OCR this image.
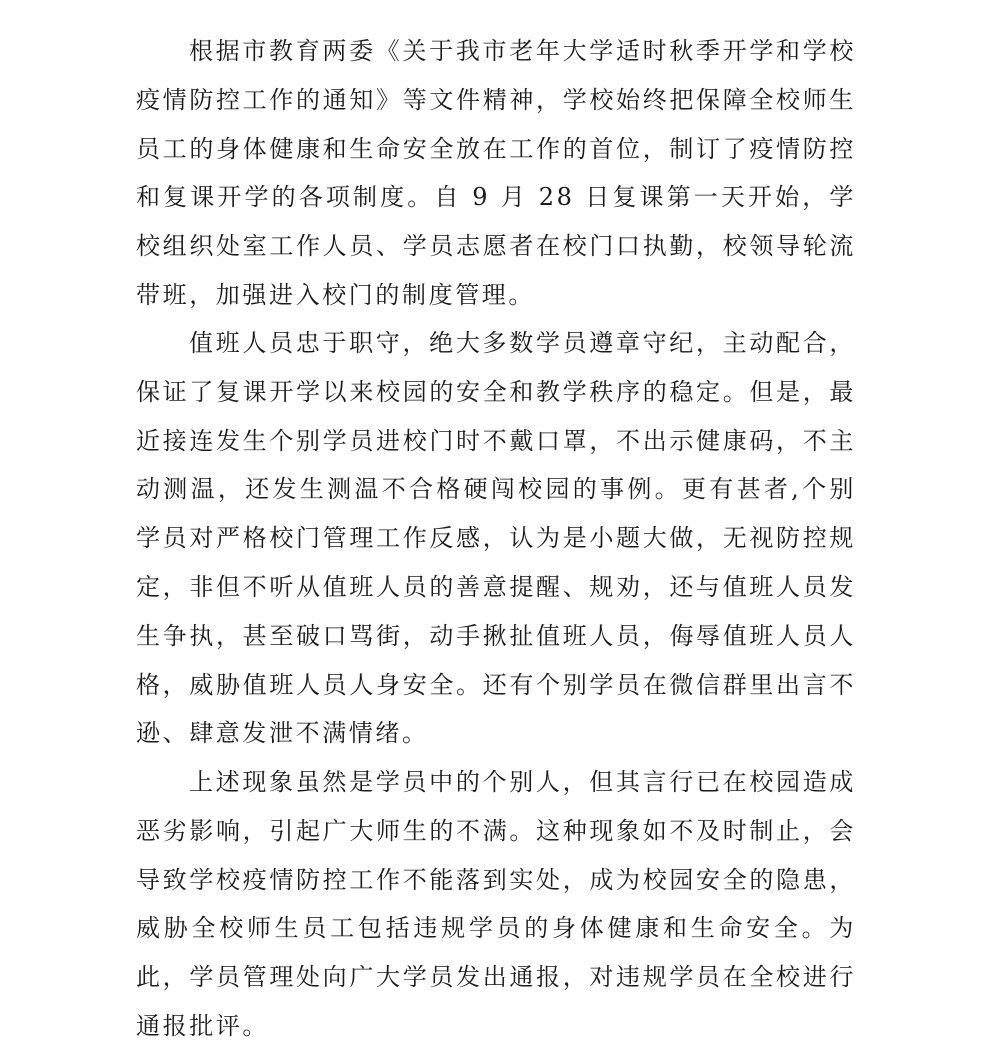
根据市教育两委《关于我市老年大学适时秋季开学和学校疫情防控工作的通知》等文件精神，学校始终把保障全校师生员工的身体健康和生命安全放在工作的首位，制订了疫情防控和复课开学的各项制度。自 9 月 28 日复课第一天开始，学校组织处室工作人员、学员志愿者在校门口执勤，校领导轮流带班，加强进入校门的制度管理。

值班人员忠于职守，绝大多数学员遵章守纪，主动配合，保证了复课开学以来校园的安全和教学秩序的稳定。但是，最近接连发生个别学员进校门时不戴口罩，不出示健康码，不主动测温，还发生测温不合格硬闯校园的事例。更有甚者,个别学员对严格校门管理工作反感，认为是小题大做，无视防控规定，非但不听从值班人员的善意提醒、规劝，还与值班人员发生争执，甚至破口骂街，动手揪扯值班人员，侮辱值班人员人格，威胁值班人员人身安全。还有个别学员在微信群里出言不逊、肆意发泄不满情绪。

上述现象虽然是学员中的个别人，但其言行已在校园造成恶劣影响，引起广大师生的不满。这种现象如不及时制止，会导致学校疫情防控工作不能落到实处，成为校园安全的隐患，威胁全校师生员工包括违规学员的身体健康和生命安全。为此，学员管理处向广大学员发出通报，对违规学员在全校进行通报批评。
